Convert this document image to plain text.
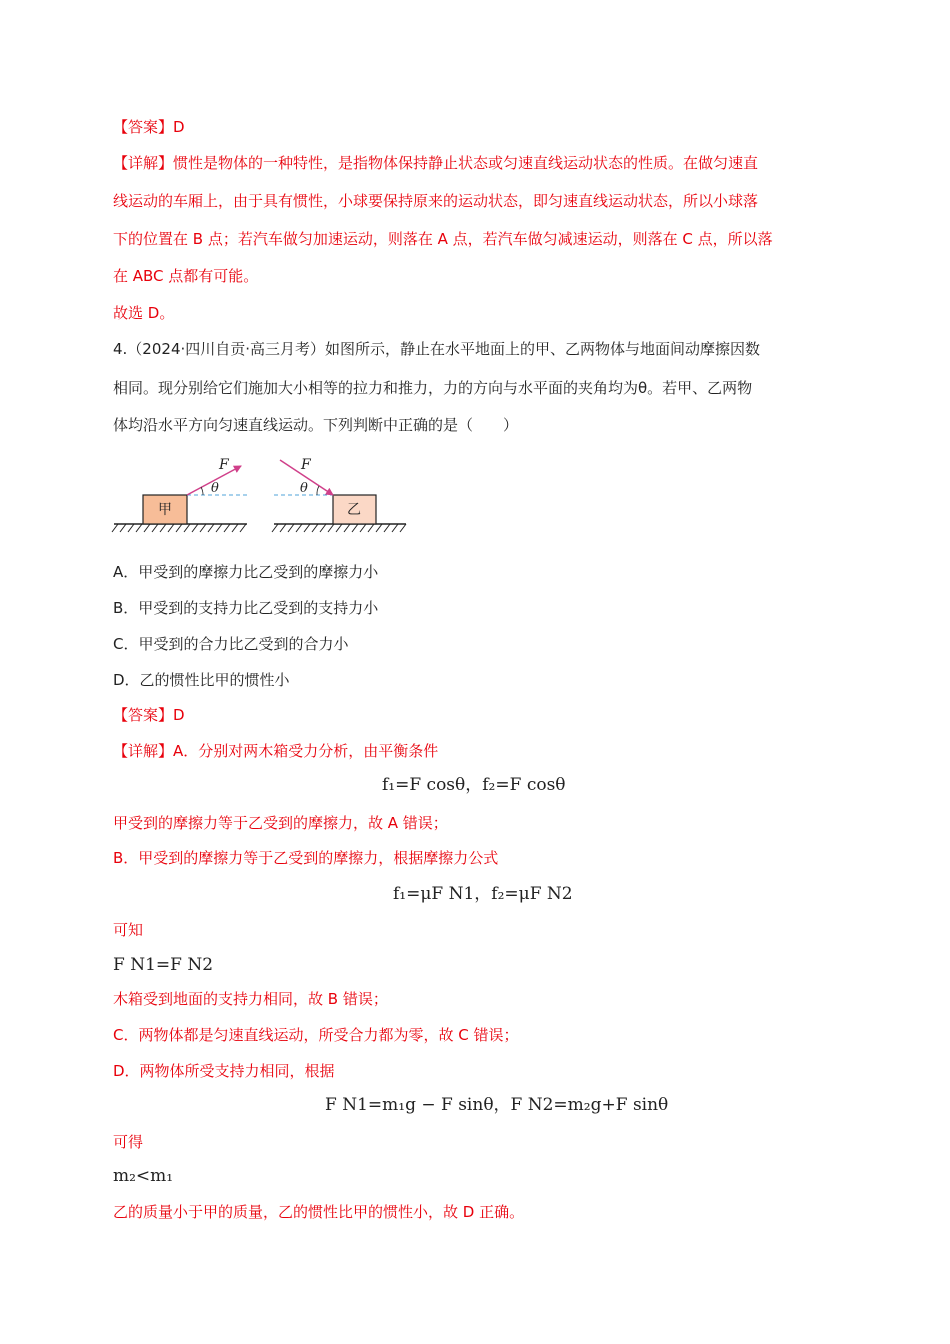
【答案】D
【详解】惯性是物体的一种特性，是指物体保持静止状态或匀速直线运动状态的性质。在做匀速直
线运动的车厢上，由于具有惯性，小球要保持原来的运动状态，即匀速直线运动状态，所以小球落
下的位置在 B 点；若汽车做匀加速运动，则落在 A 点，若汽车做匀减速运动，则落在 C 点，所以落
在 ABC 点都有可能。
故选 D。
4.（2024·四川自贡·高三月考）如图所示，静止在水平地面上的甲、乙两物体与地面间动摩擦因数
相同。现分别给它们施加大小相等的拉力和推力，力的方向与水平面的夹角均为θ。若甲、乙两物
体均沿水平方向匀速直线运动。下列判断中正确的是（　　）
甲
F
θ
乙
F
θ
A．甲受到的摩擦力比乙受到的摩擦力小
B．甲受到的支持力比乙受到的支持力小
C．甲受到的合力比乙受到的合力小
D．乙的惯性比甲的惯性小
【答案】D
【详解】A．分别对两木箱受力分析，由平衡条件
f₁=F cosθ，f₂=F cosθ
甲受到的摩擦力等于乙受到的摩擦力，故 A 错误；
B．甲受到的摩擦力等于乙受到的摩擦力，根据摩擦力公式
f₁=μF N1，f₂=μF N2
可知
F N1=F N2
木箱受到地面的支持力相同，故 B 错误；
C．两物体都是匀速直线运动，所受合力都为零，故 C 错误；
D．两物体所受支持力相同，根据
F N1=m₁g − F sinθ，F N2=m₂g+F sinθ
可得
m₂<m₁
乙的质量小于甲的质量，乙的惯性比甲的惯性小，故 D 正确。
